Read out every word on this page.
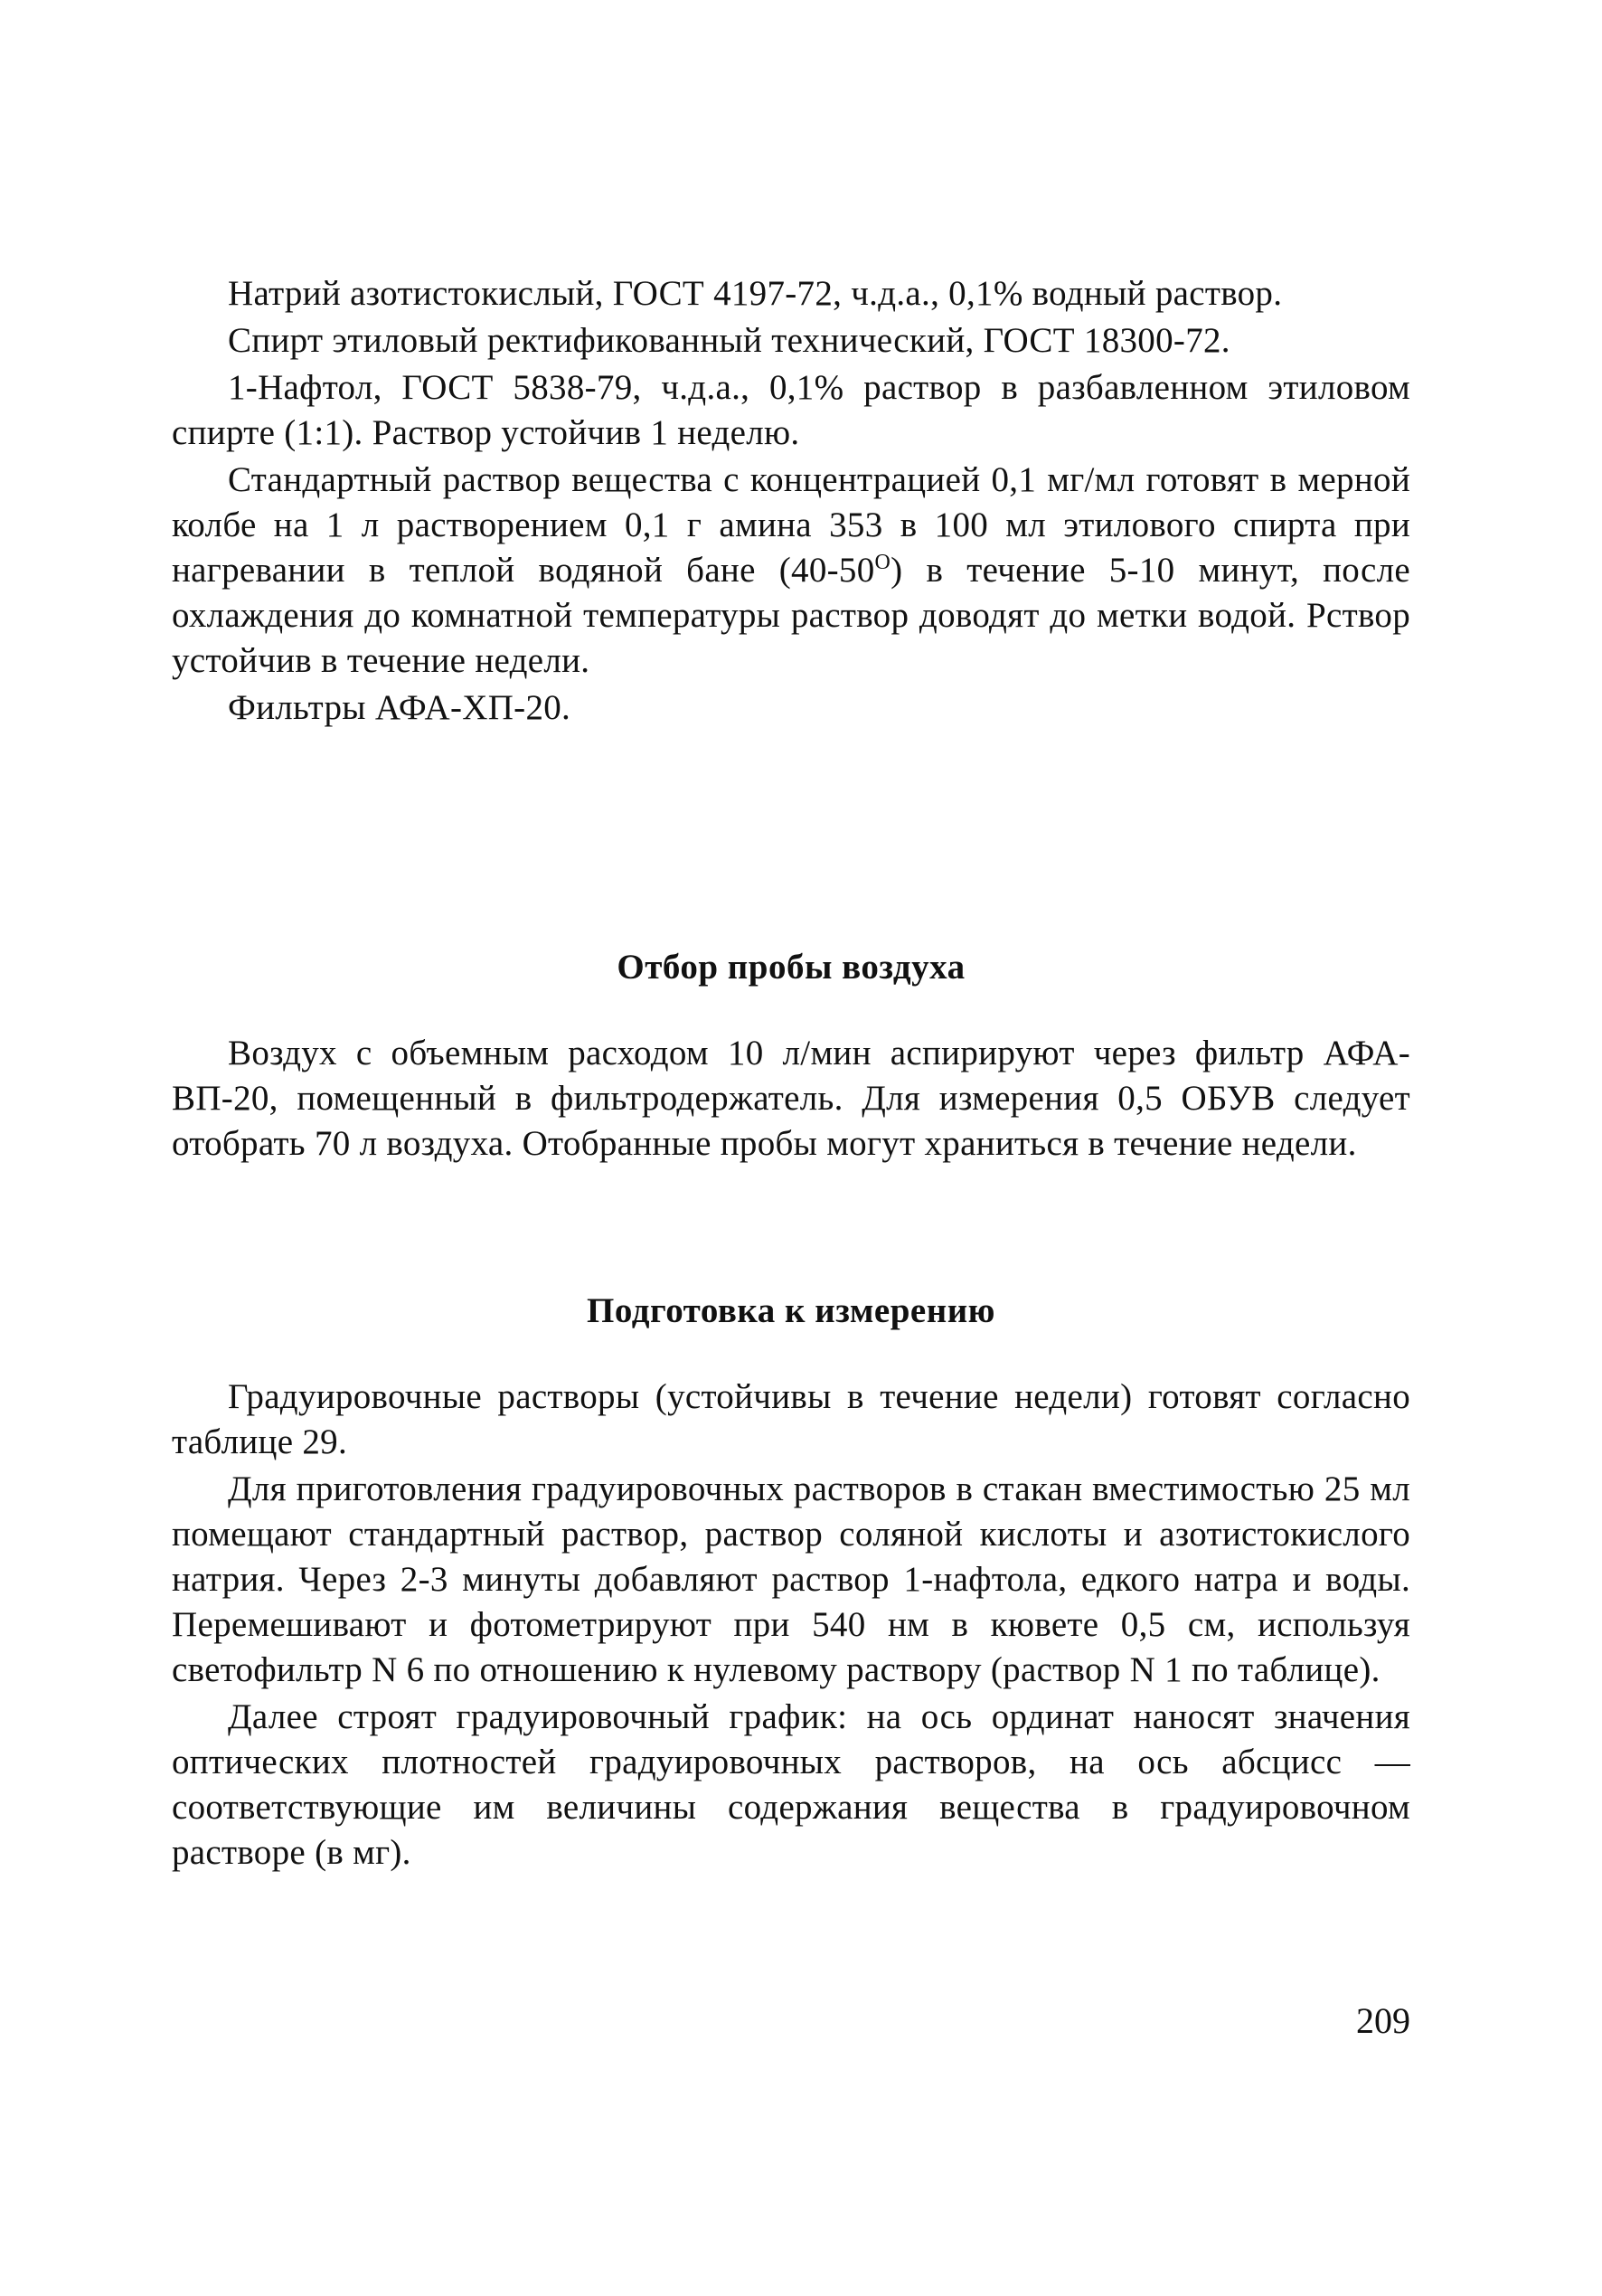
Натрий азотистокислый, ГОСТ 4197-72, ч.д.а., 0,1% водный раствор.

Спирт этиловый ректификованный технический, ГОСТ 18300-72.

1-Нафтол, ГОСТ 5838-79, ч.д.а., 0,1% раствор в разбавленном этиловом спирте (1:1). Раствор устойчив 1 неделю.

Стандартный раствор вещества с концентрацией 0,1 мг/мл готовят в мерной колбе на 1 л растворением 0,1 г амина 353 в 100 мл этилового спирта при нагревании в теплой водяной бане $(40-50^O)$ в течение 5-10 минут, после охлаждения до комнатной температуры раствор доводят до метки водой. Рствор устойчив в течение недели.

Фильтры АФА-ХП-20.

Отбор пробы воздуха

Воздух с объемным расходом 10 л/мин аспирируют через фильтр АФА-ВП-20, помещенный в фильтродержатель. Для измерения 0,5 ОБУВ следует отобрать 70 л воздуха. Отобранные пробы могут храниться в течение недели.

Подготовка к измерению

Градуировочные растворы (устойчивы в течение недели) готовят согласно таблице 29.

Для приготовления градуировочных растворов в стакан вместимостью 25 мл помещают стандартный раствор, раствор соляной кислоты и азотистокислого натрия. Через 2-3 минуты добавляют раствор 1-нафтола, едкого натра и воды. Перемешивают и фотометрируют при 540 нм в кювете 0,5 см, используя светофильтр N 6 по отношению к нулевому раствору (раствор N 1 по таблице).

Далее строят градуировочный график: на ось ординат наносят значения оптических плотностей градуировочных растворов, на ось абсцисс — соответствующие им величины содержания вещества в градуировочном растворе (в мг).

209
